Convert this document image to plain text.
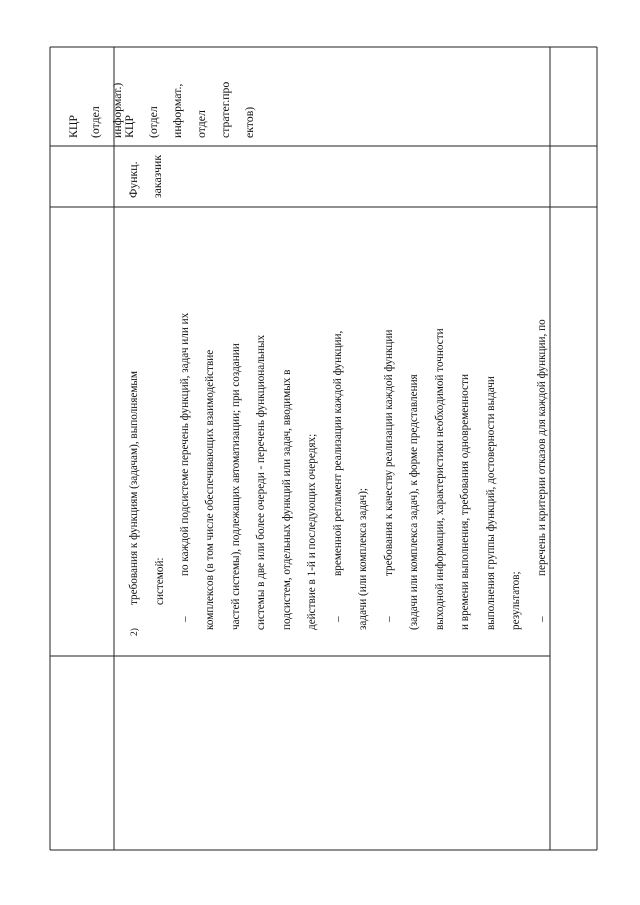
2)
требования к функциям (задачам), выполняемым системой:
–
по каждой подсистеме перечень функций, задач или их комплексов (в том числе обеспечивающих взаимодействие частей системы), подлежащих автоматизации; при создании системы в две или более очереди - перечень функциональных подсистем, отдельных функций или задач, вводимых в действие в 1-й и последующих очередях; –
временной регламент реализации каждой функции, задачи (или комплекса задач); –
требования к качеству реализации каждой функции (задачи или комплекса задач), к форме представления выходной информации, характеристики необходимой точности и времени выполнения, требования одновременности выполнения группы функций, достоверности выдачи результатов; –
перечень и критерии отказов для каждой функции, по
Функц. заказчик
КЦР (отдел информат.)
КЦР (отдел информат., отдел стратег.про ектов)
